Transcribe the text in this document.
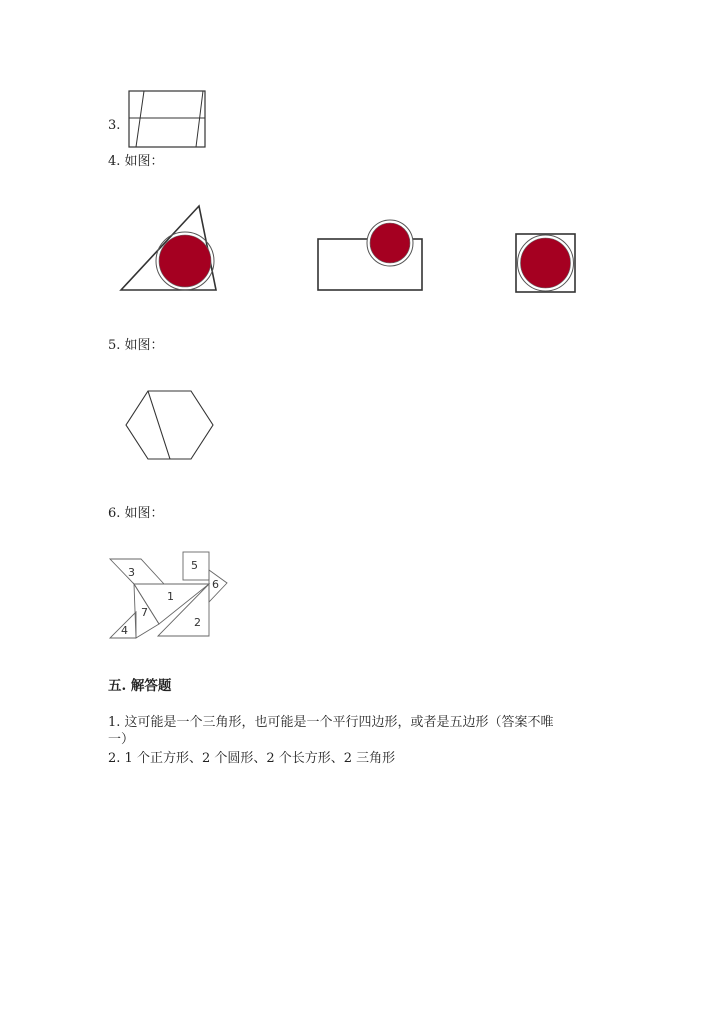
3.
4. 如图：
5. 如图：
6. 如图：
3
5
6
1
2
7
4
五. 解答题
1. 这可能是一个三角形，也可能是一个平行四边形，或者是五边形（答案不唯
一）
2. 1 个正方形、2 个圆形、2 个长方形、2 三角形
